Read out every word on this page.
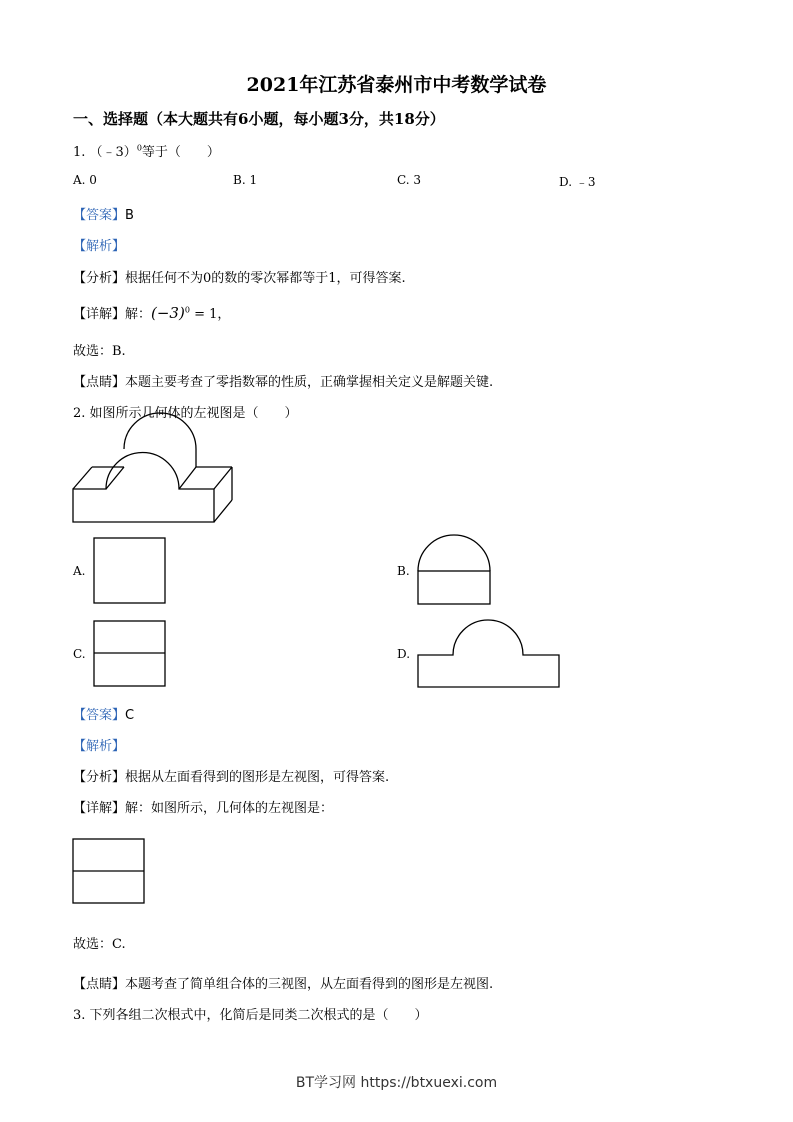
2021年江苏省泰州市中考数学试卷
一、选择题（本大题共有6小题，每小题3分，共18分）
1. （﹣3）$^0$等于（　　）
A. 0	B. 1	C. 3	D. ﹣3
【答案】B
【解析】
【分析】根据任何不为0的数的零次幂都等于1，可得答案.
【详解】解：$(-3)^0 = 1$，
故选：B.
【点睛】本题主要考查了零指数幂的性质，正确掌握相关定义是解题关键.
2. 如图所示几何体的左视图是（　　）
A.	B.
C.	D.
【答案】C
【解析】
【分析】根据从左面看得到的图形是左视图，可得答案.
【详解】解：如图所示，几何体的左视图是：
故选：C.
【点睛】本题考查了简单组合体的三视图，从左面看得到的图形是左视图.
3. 下列各组二次根式中，化简后是同类二次根式的是（　　）
BT学习网 https://btxuexi.com
